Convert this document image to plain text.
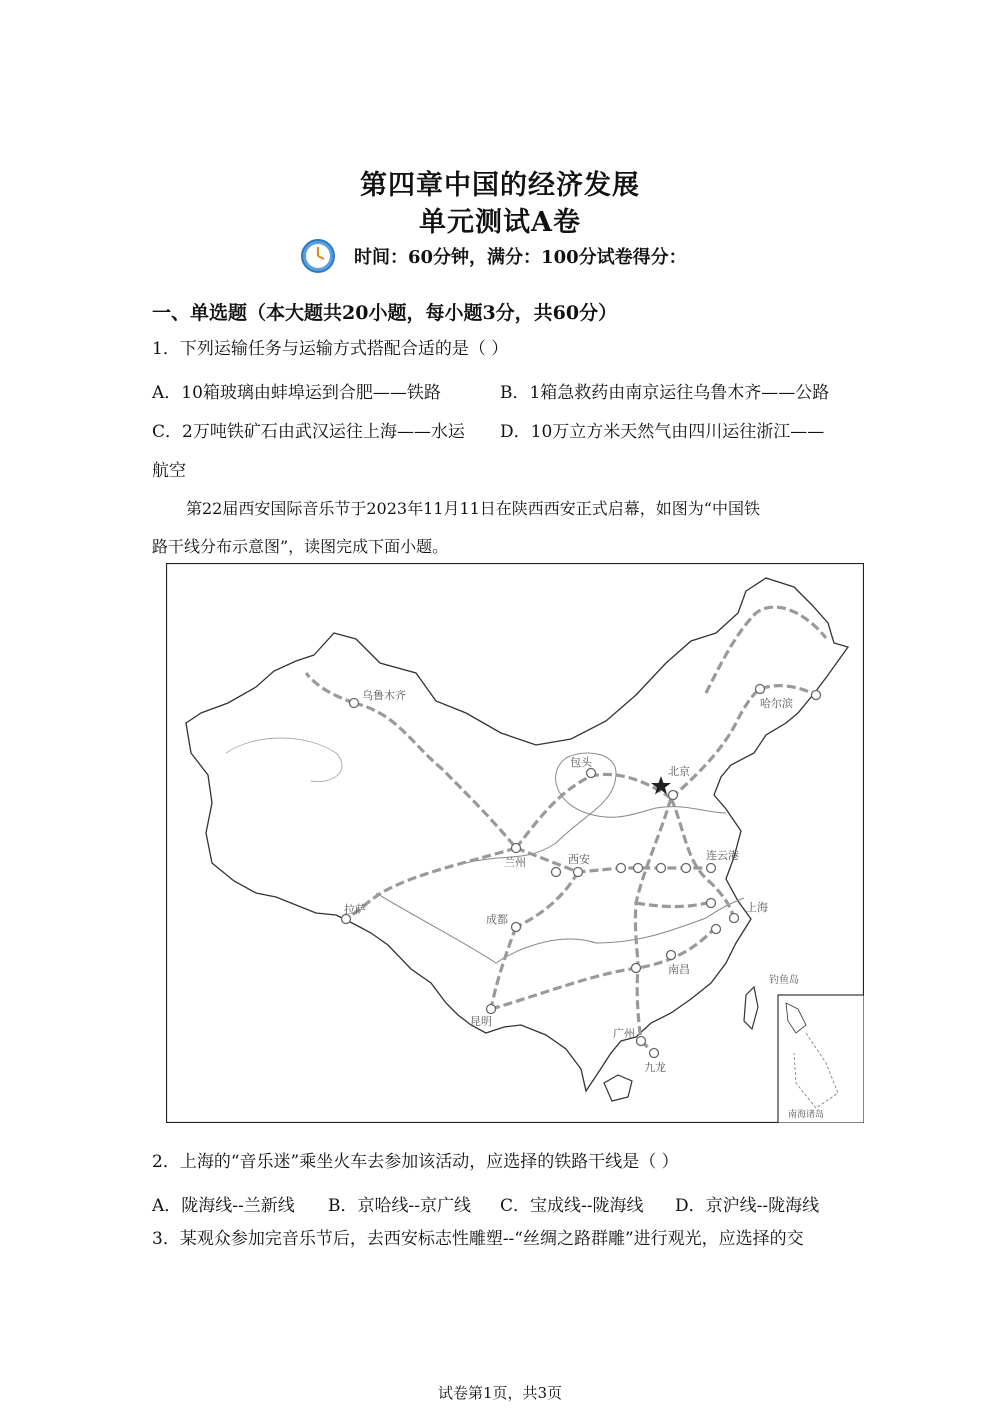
第四章中国的经济发展
单元测试A卷
时间：60分钟，满分：100分试卷得分：
一、单选题（本大题共20小题，每小题3分，共60分）
1．下列运输任务与运输方式搭配合适的是（ ）
A．10箱玻璃由蚌埠运到合肥——铁路	B．1箱急救药由南京运往乌鲁木齐——公路
C．2万吨铁矿石由武汉运往上海——水运 D．10万立方米天然气由四川运往浙江——
航空
第22届西安国际音乐节于2023年11月11日在陕西西安正式启幕，如图为“中国铁
路干线分布示意图”，读图完成下面小题。
乌鲁木齐
哈尔滨
包头
北京
兰州	西安	连云港
上海
拉萨
成都
南昌
昆明
广州
九龙
钓鱼岛
南海诸岛
2．上海的“音乐迷”乘坐火车去参加该活动，应选择的铁路干线是（ ）
A．陇海线--兰新线 B．京哈线--京广线 C．宝成线--陇海线 D．京沪线--陇海线
3．某观众参加完音乐节后，去西安标志性雕塑--“丝绸之路群雕”进行观光，应选择的交
试卷第1页，共3页
